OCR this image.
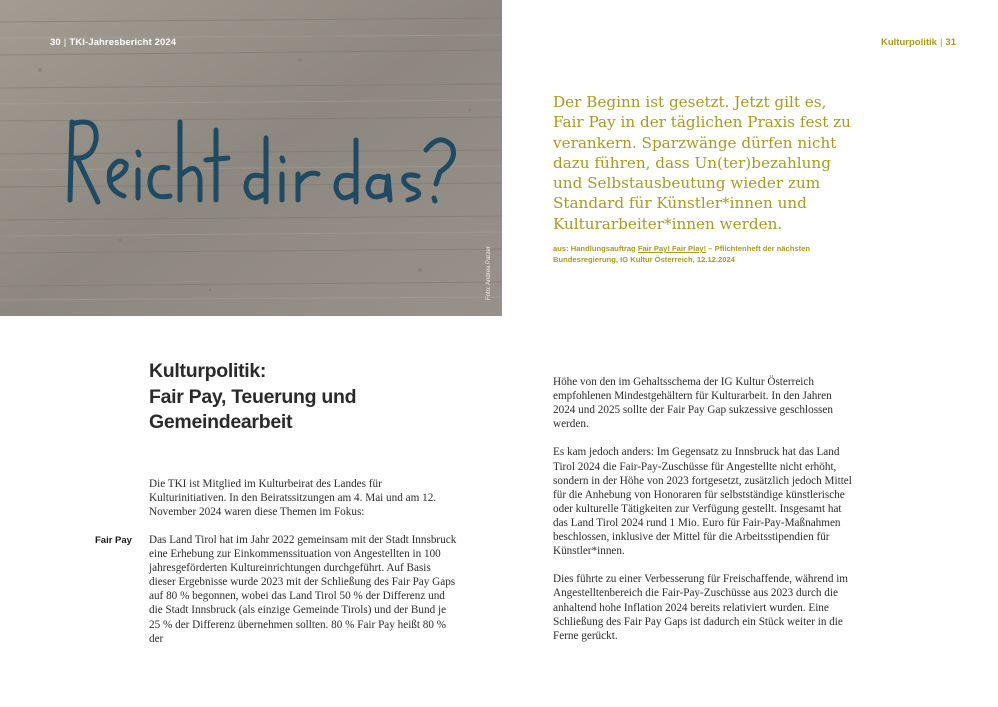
30 | TKI-Jahresbericht 2024
Foto: Andrea Parzer
Kulturpolitik | 31
Der Beginn ist gesetzt. Jetzt gilt es, Fair Pay in der täglichen Praxis fest zu verankern. Sparzwänge dürfen nicht dazu führen, dass Un(ter)bezahlung und Selbstausbeutung wieder zum Standard für Künstler*innen und Kulturarbeiter*innen werden.
aus: Handlungsauftrag Fair Pay! Fair Play! – Pflichtenheft der nächsten Bundesregierung, IG Kultur Österreich, 12.12.2024
Kulturpolitik:
Fair Pay, Teuerung und
Gemeindearbeit

Die TKI ist Mitglied im Kulturbeirat des Landes für Kulturinitiativen. In den Beiratssitzungen am 4. Mai und am 12. November 2024 waren diese Themen im Fokus:

Fair Pay Das Land Tirol hat im Jahr 2022 gemeinsam mit der Stadt Innsbruck eine Erhebung zur Einkommenssituation von Angestellten in 100 jahresgeförderten Kultureinrichtungen durchgeführt. Auf Basis dieser Ergebnisse wurde 2023 mit der Schließung des Fair Pay Gaps auf 80 % begonnen, wobei das Land Tirol 50 % der Differenz und die Stadt Innsbruck (als einzige Gemeinde Tirols) und der Bund je 25 % der Differenz übernehmen sollten. 80 % Fair Pay heißt 80 % der

Höhe von den im Gehaltsschema der IG Kultur Österreich empfohlenen Mindestgehältern für Kulturarbeit. In den Jahren 2024 und 2025 sollte der Fair Pay Gap sukzessive geschlossen werden.

Es kam jedoch anders: Im Gegensatz zu Innsbruck hat das Land Tirol 2024 die Fair-Pay-Zuschüsse für Angestellte nicht erhöht, sondern in der Höhe von 2023 fortgesetzt, zusätzlich jedoch Mittel für die Anhebung von Honoraren für selbstständige künstlerische oder kulturelle Tätigkeiten zur Verfügung gestellt. Insgesamt hat das Land Tirol 2024 rund 1 Mio. Euro für Fair-Pay-Maßnahmen beschlossen, inklusive der Mittel für die Arbeitsstipendien für Künstler*innen.

Dies führte zu einer Verbesserung für Freischaffende, während im Angestelltenbereich die Fair-Pay-Zuschüsse aus 2023 durch die anhaltend hohe Inflation 2024 bereits relativiert wurden. Eine Schließung des Fair Pay Gaps ist dadurch ein Stück weiter in die Ferne gerückt.
